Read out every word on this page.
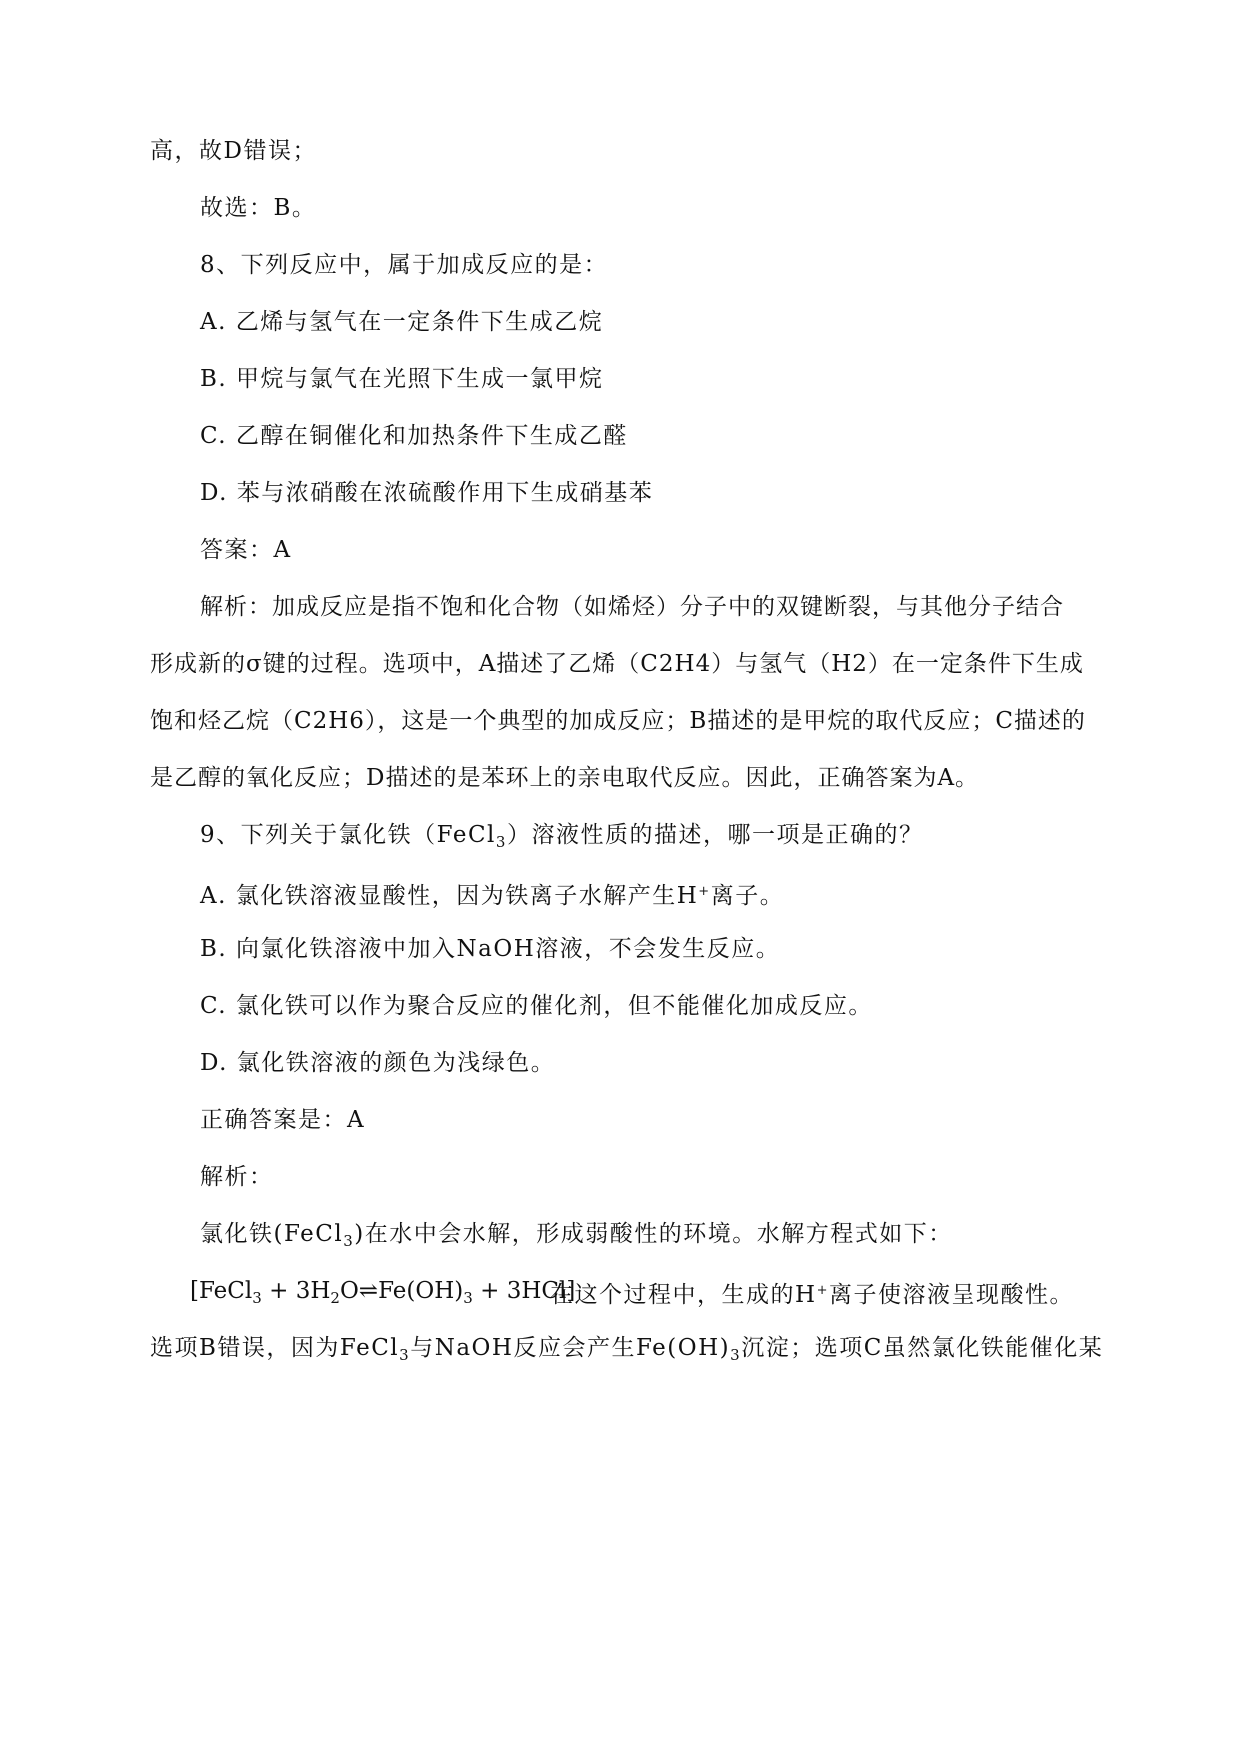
高，故D错误；
故选：B。
8、下列反应中，属于加成反应的是：
A. 乙烯与氢气在一定条件下生成乙烷
B. 甲烷与氯气在光照下生成一氯甲烷
C. 乙醇在铜催化和加热条件下生成乙醛
D. 苯与浓硝酸在浓硫酸作用下生成硝基苯
答案：A
解析：加成反应是指不饱和化合物（如烯烃）分子中的双键断裂，与其他分子结合
形成新的σ键的过程。选项中，A描述了乙烯（C2H4）与氢气（H2）在一定条件下生成
饱和烃乙烷（C2H6），这是一个典型的加成反应；B描述的是甲烷的取代反应；C描述的
是乙醇的氧化反应；D描述的是苯环上的亲电取代反应。因此，正确答案为A。
9、下列关于氯化铁（FeCl$_3$）溶液性质的描述，哪一项是正确的？
A. 氯化铁溶液显酸性，因为铁离子水解产生H+离子。
B. 向氯化铁溶液中加入NaOH溶液，不会发生反应。
C. 氯化铁可以作为聚合反应的催化剂，但不能催化加成反应。
D. 氯化铁溶液的颜色为浅绿色。
正确答案是：A
解析：
氯化铁(FeCl$_3$)在水中会水解，形成弱酸性的环境。水解方程式如下：
[FeCl$_3$ + $3H_2O\rightleftharpoons Fe(OH)_3 + 3HCl$]
在这个过程中，生成的H+离子使溶液呈现酸性。
选项B错误，因为FeCl$_3$与NaOH反应会产生$Fe(OH)_3$沉淀；选项C虽然氯化铁能催化某
